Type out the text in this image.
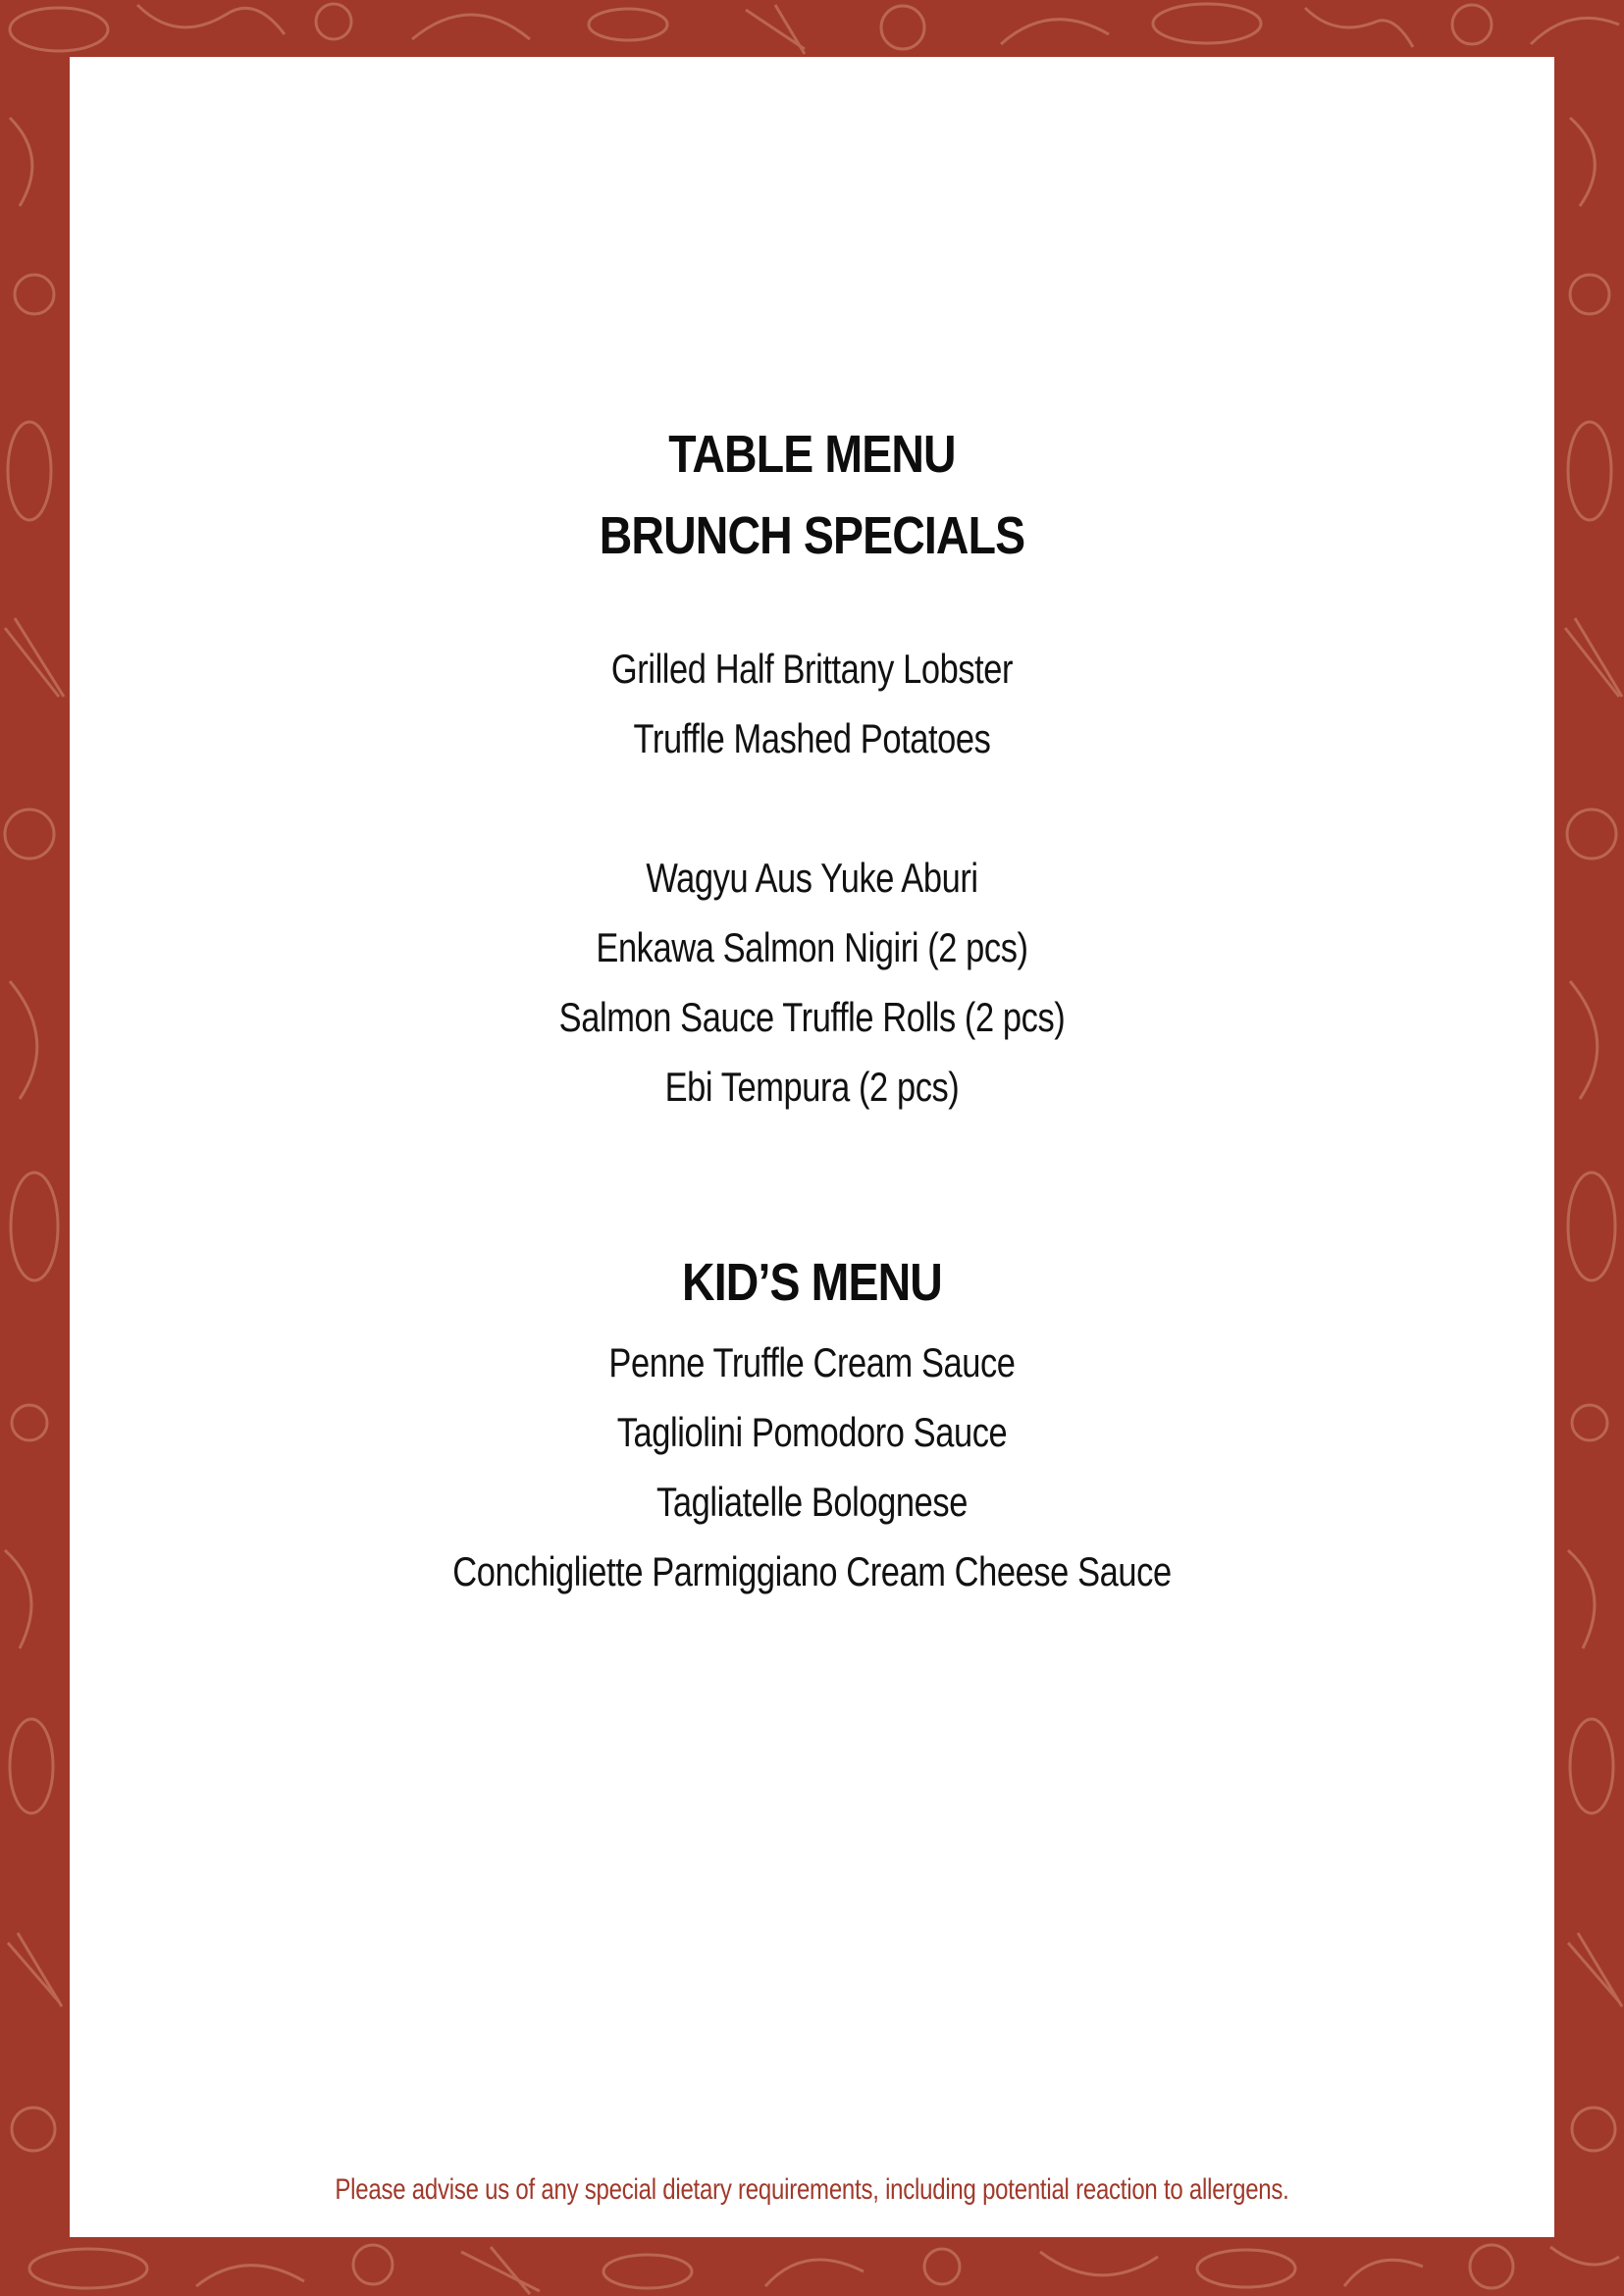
TABLE MENU
BRUNCH SPECIALS
Grilled Half Brittany Lobster
Truffle Mashed Potatoes
Wagyu Aus Yuke Aburi
Enkawa Salmon Nigiri (2 pcs)
Salmon Sauce Truffle Rolls (2 pcs)
Ebi Tempura (2 pcs)
KID’S MENU
Penne Truffle Cream Sauce
Tagliolini Pomodoro Sauce
Tagliatelle Bolognese
Conchigliette Parmiggiano Cream Cheese Sauce
Please advise us of any special dietary requirements, including potential reaction to allergens.
